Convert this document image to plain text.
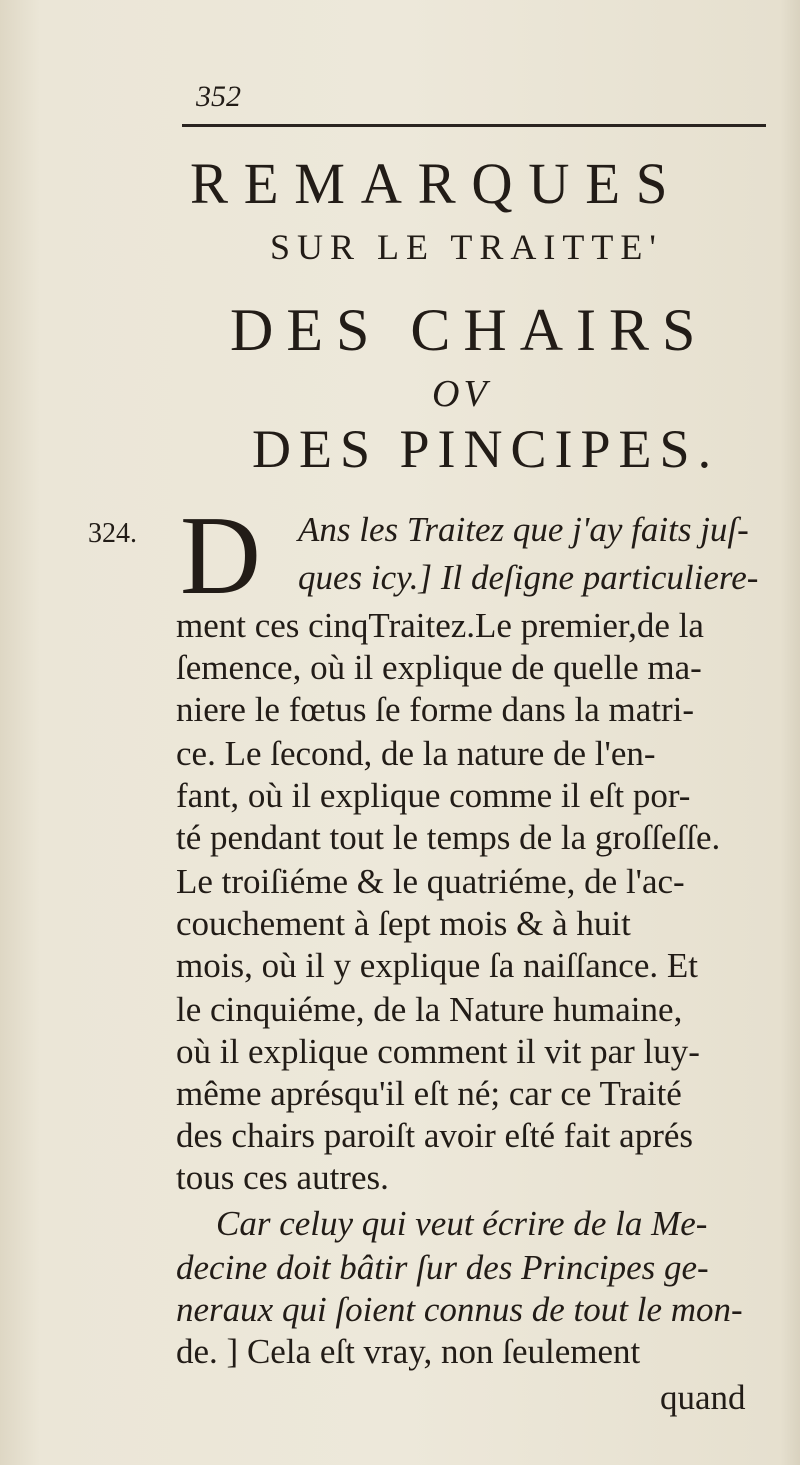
352
REMARQUES
SUR LE TRAITTE'
DES CHAIRS
OV
DES PINCIPES.
324. D Ans les Traitez que j'ay faits juſ-
ques icy.] Il deſigne particuliere-
ment ces cinqTraitez.Le premier,de la
ſemence, où il explique de quelle ma-
niere le fœtus ſe forme dans la matri-
ce. Le ſecond, de la nature de l'en-
fant, où il explique comme il eſt por-
té pendant tout le temps de la groſſeſſe.
Le troiſiéme & le quatriéme, de l'ac-
couchement à ſept mois & à huit
mois, où il y explique ſa naiſſance. Et
le cinquiéme, de la Nature humaine,
où il explique comment il vit par luy-
même aprésqu'il eſt né; car ce Traité
des chairs paroiſt avoir eſté fait aprés
tous ces autres.
Car celuy qui veut écrire de la Me-
decine doit bâtir ſur des Principes ge-
neraux qui ſoient connus de tout le mon-
de. ] Cela eſt vray, non ſeulement
quand
